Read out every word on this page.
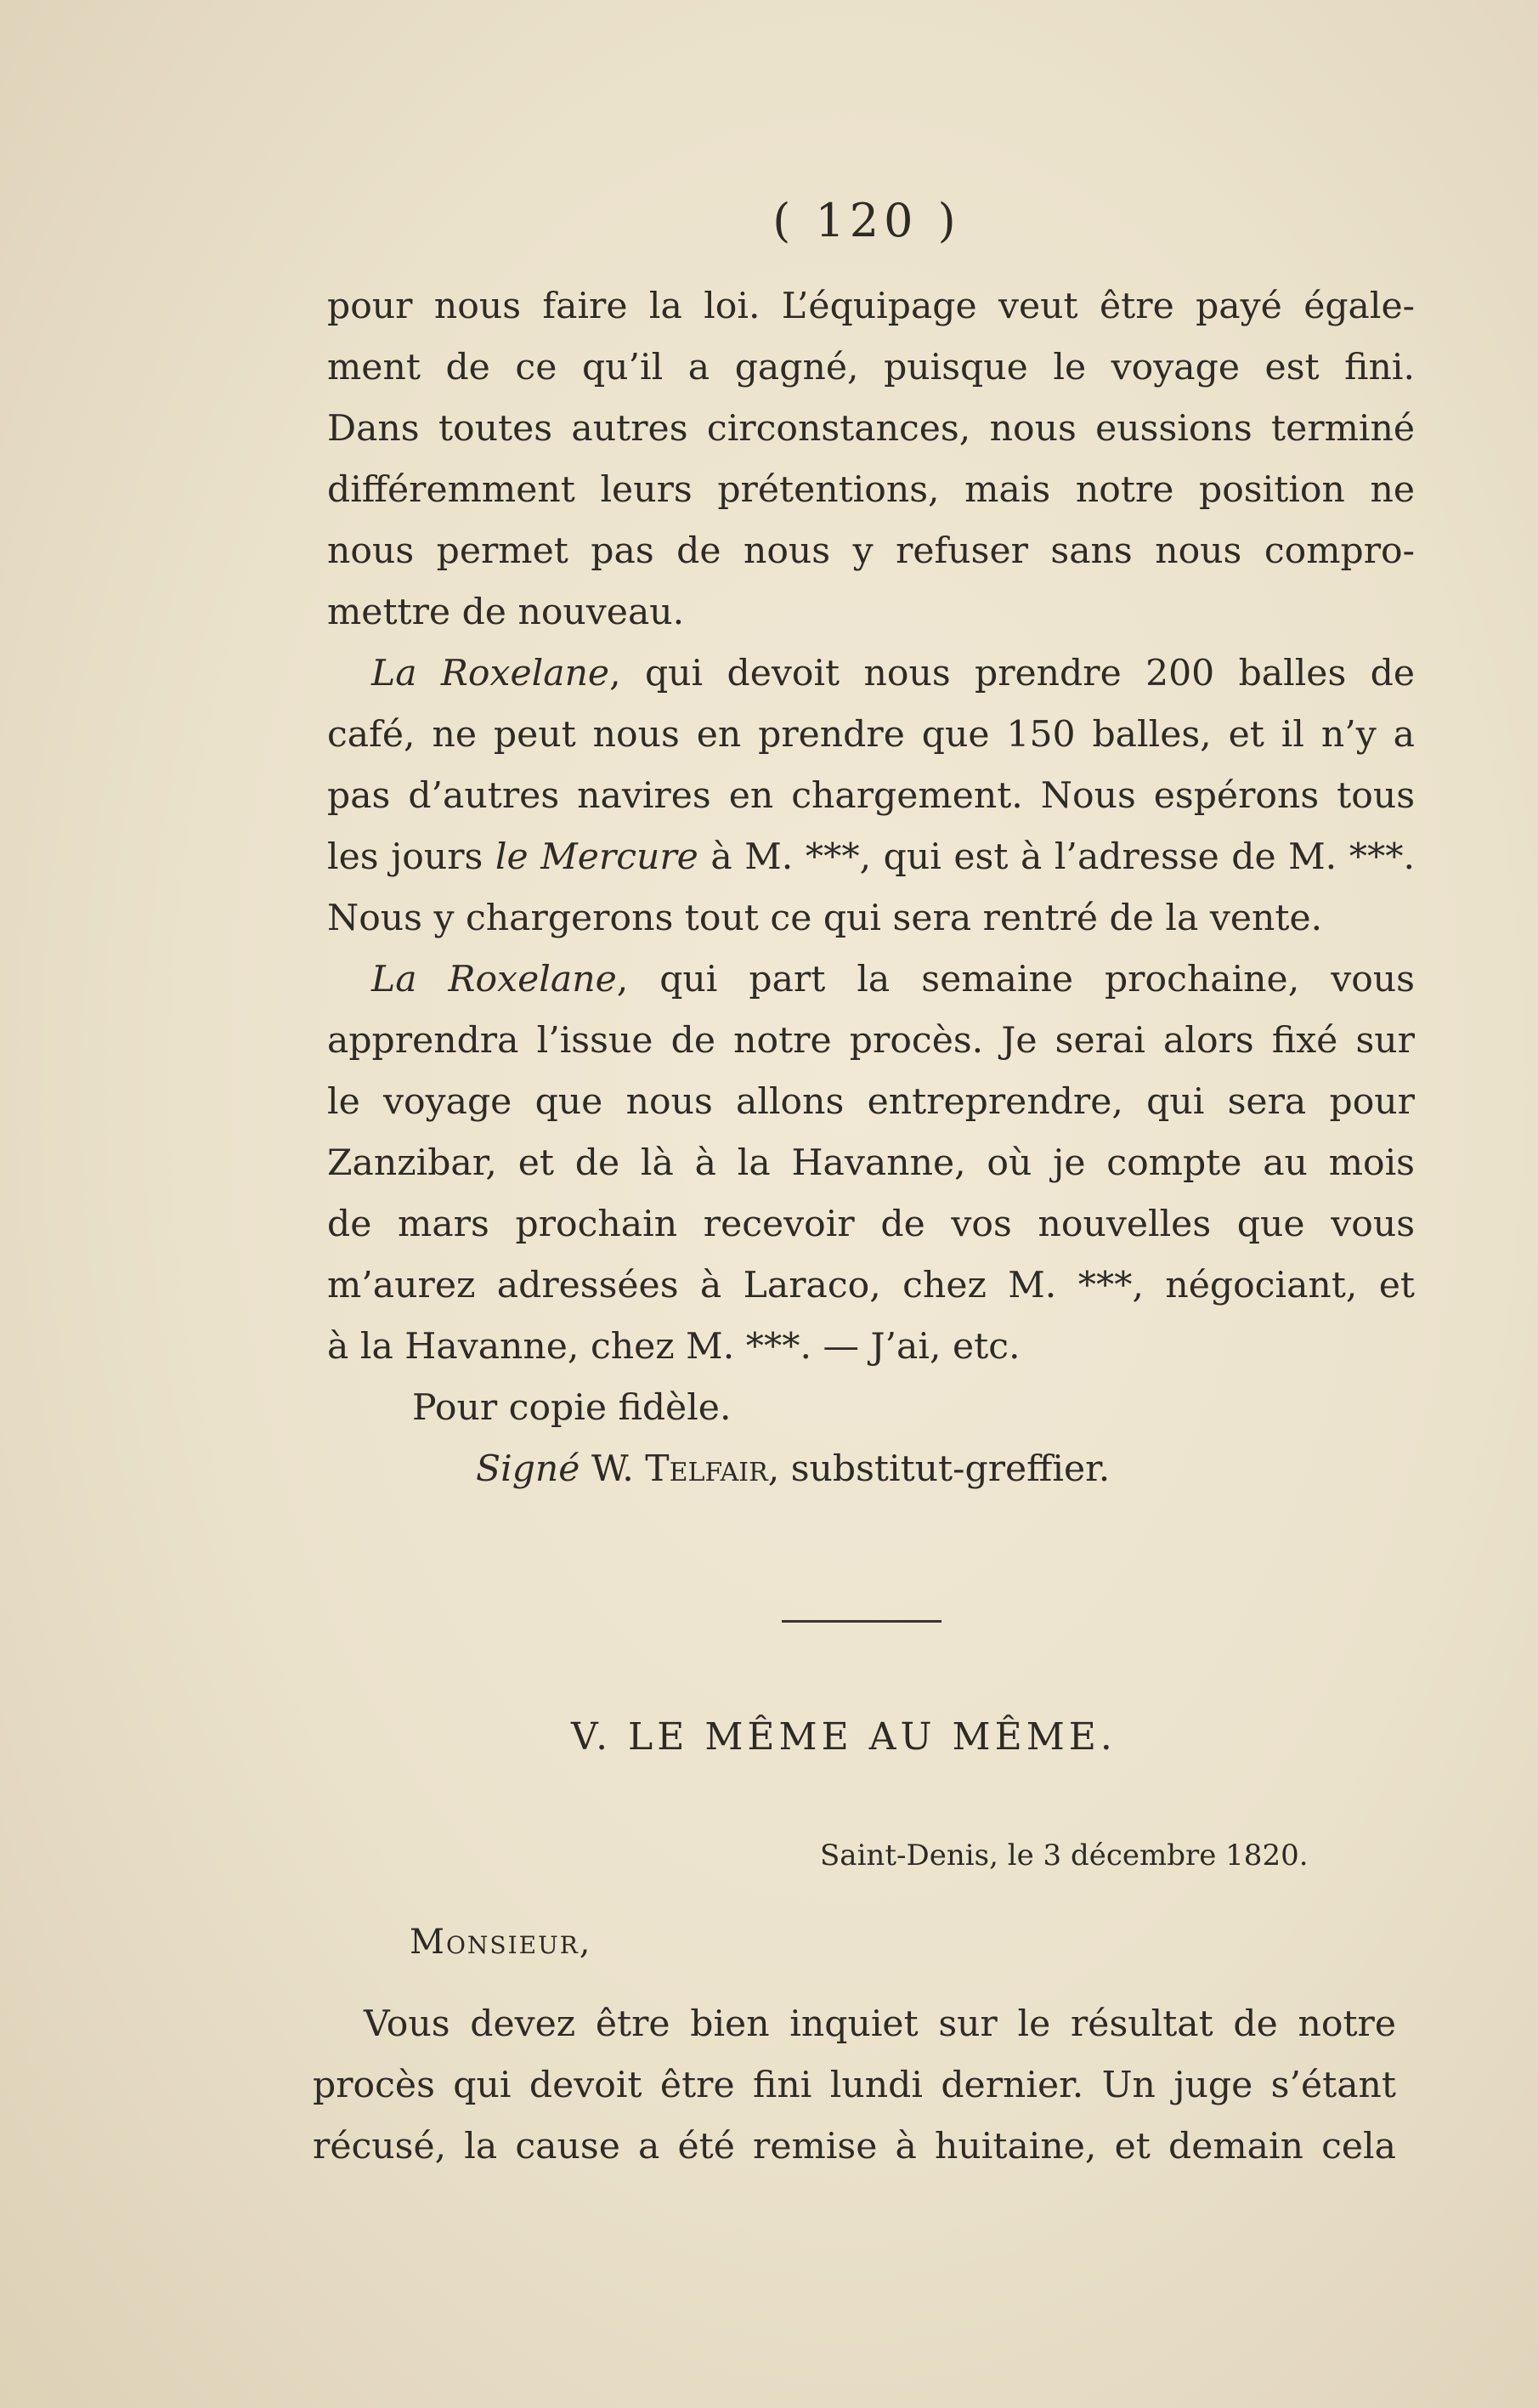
( 120 )

pour nous faire la loi. L’équipage veut être payé égale-
ment de ce qu’il a gagné, puisque le voyage est fini.
Dans toutes autres circonstances, nous eussions terminé
différemment leurs prétentions, mais notre position ne
nous permet pas de nous y refuser sans nous compro-
mettre de nouveau.

La Roxelane, qui devoit nous prendre 200 balles de
café, ne peut nous en prendre que 150 balles, et il n’y a
pas d’autres navires en chargement. Nous espérons tous
les jours le Mercure à M. ***, qui est à l’adresse de M. ***.
Nous y chargerons tout ce qui sera rentré de la vente.

La Roxelane, qui part la semaine prochaine, vous
apprendra l’issue de notre procès. Je serai alors fixé sur
le voyage que nous allons entreprendre, qui sera pour
Zanzibar, et de là à la Havanne, où je compte au mois
de mars prochain recevoir de vos nouvelles que vous
m’aurez adressées à Laraco, chez M. ***, négociant, et
à la Havanne, chez M. ***. — J’ai, etc.

Pour copie fidèle.
Signé W. Telfair, substitut-greffier.
V. LE MÊME AU MÊME.
Saint-Denis, le 3 décembre 1820.
Monsieur,
Vous devez être bien inquiet sur le résultat de notre
procès qui devoit être fini lundi dernier. Un juge s’étant
récusé, la cause a été remise à huitaine, et demain cela
